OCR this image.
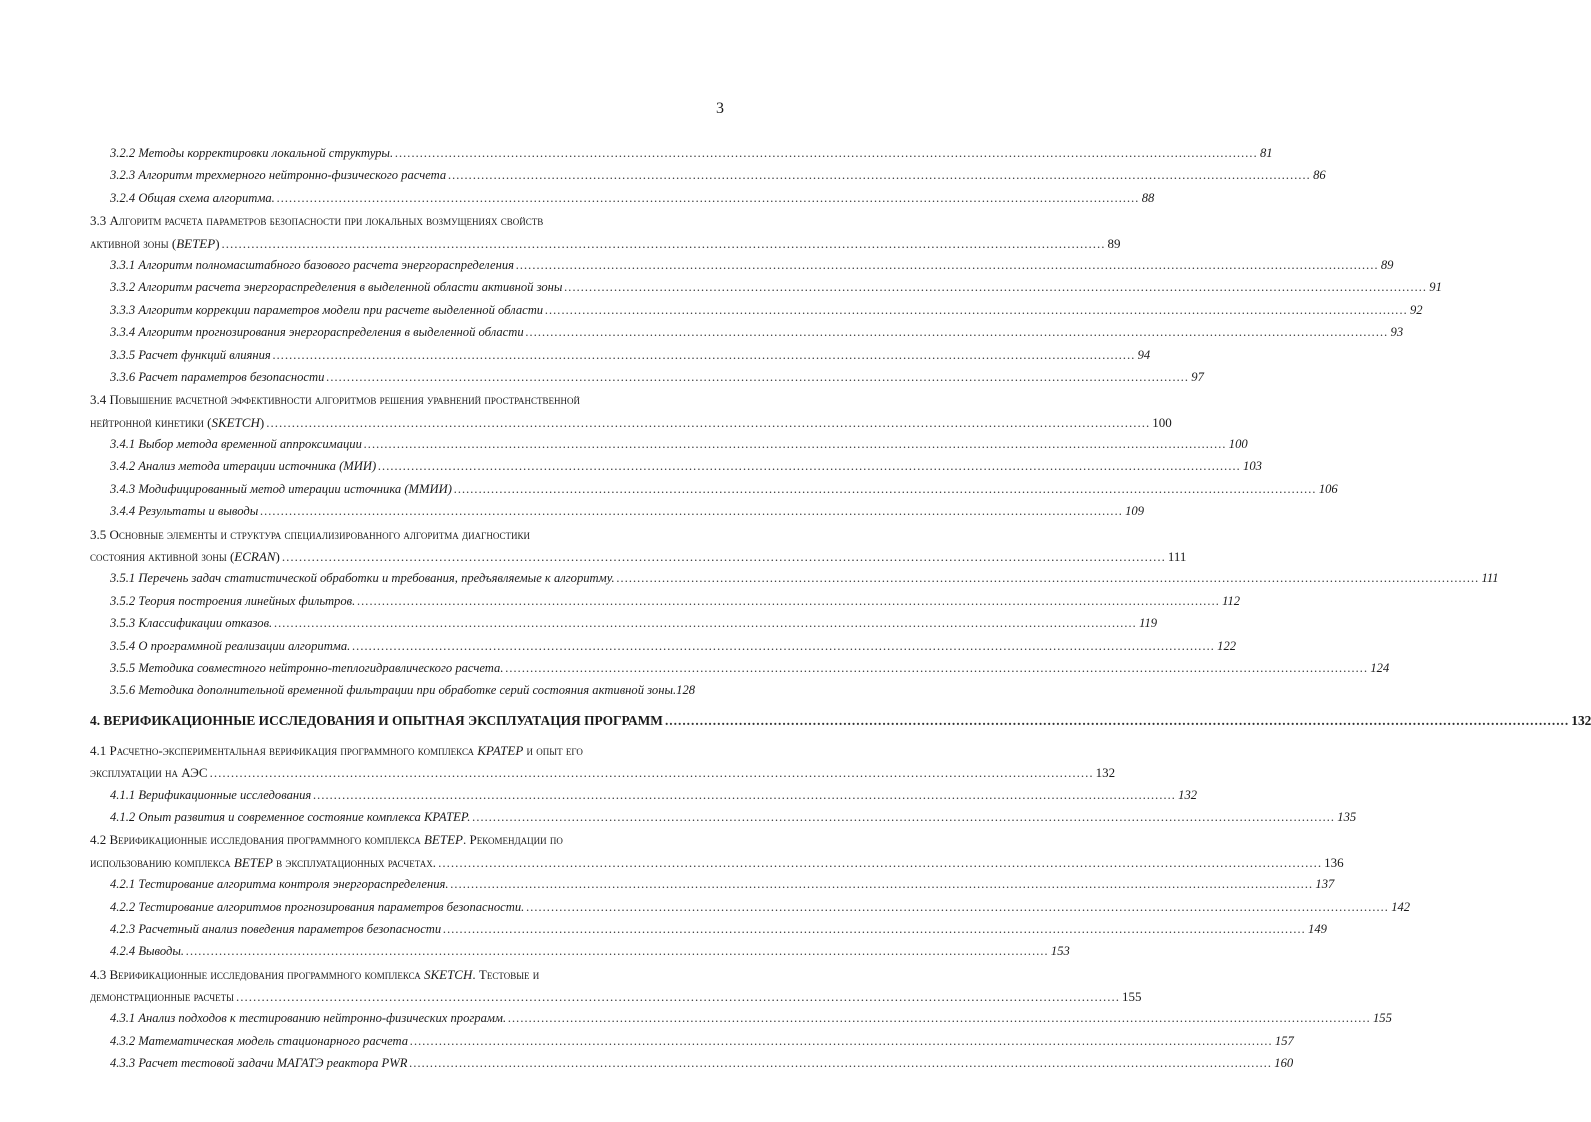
3
3.2.2 Методы корректировки локальной структуры. .....	81
3.2.3 Алгоритм трехмерного нейтронно-физического расчета .....	86
3.2.4 Общая схема алгоритма. .....	88
3.3 Алгоритм расчета параметров безопасности при локальных возмущениях свойств
активной зоны (ВЕТЕР) .....	89
3.3.1 Алгоритм полномасштабного базового расчета энергораспределения .....	89
3.3.2 Алгоритм расчета энергораспределения в выделенной области активной зоны .....	91
3.3.3 Алгоритм коррекции параметров модели при расчете выделенной области .....	92
3.3.4 Алгоритм прогнозирования энергораспределения в выделенной области .....	93
3.3.5 Расчет функций влияния .....	94
3.3.6 Расчет параметров безопасности .....	97
3.4 Повышение расчетной эффективности алгоритмов решения уравнений пространственной
нейтронной кинетики (SKETCH) .....	100
3.4.1 Выбор метода временной аппроксимации .....	100
3.4.2 Анализ метода итерации источника (МИИ) .....	103
3.4.3 Модифицированный метод итерации источника (ММИИ) .....	106
3.4.4 Результаты и выводы .....	109
3.5 Основные элементы и структура специализированного алгоритма диагностики
состояния активной зоны (ECRAN) .....	111
3.5.1 Перечень задач статистической обработки и требования, предъявляемые к алгоритму. .....	111
3.5.2 Теория построения линейных фильтров. .....	112
3.5.3 Классификации отказов. .....	119
3.5.4 О программной реализации алгоритма. .....	122
3.5.5 Методика совместного нейтронно-теплогидравлического расчета. .....	124
3.5.6 Методика дополнительной временной фильтрации при обработке серий состояния активной зоны. 128
4. ВЕРИФИКАЦИОННЫЕ ИССЛЕДОВАНИЯ И ОПЫТНАЯ ЭКСПЛУАТАЦИЯ ПРОГРАММ .....	132
4.1 Расчетно-экспериментальная верификация программного комплекса КРАТЕР и опыт его
эксплуатации на АЭС .....	132
4.1.1 Верификационные исследования .....	132
4.1.2 Опыт развития и современное состояние комплекса КРАТЕР. .....	135
4.2 Верификационные исследования программного комплекса ВЕТЕР. Рекомендации по
использованию комплекса ВЕТЕР в эксплуатационных расчетах. .....	136
4.2.1 Тестирование алгоритма контроля энергораспределения. .....	137
4.2.2 Тестирование алгоритмов прогнозирования параметров безопасности. .....	142
4.2.3 Расчетный анализ поведения параметров безопасности .....	149
4.2.4 Выводы. .....	153
4.3 Верификационные исследования программного комплекса SKETCH. Тестовые и
демонстрационные расчеты .....	155
4.3.1 Анализ подходов к тестированию нейтронно-физических программ. .....	155
4.3.2 Математическая модель стационарного расчета .....	157
4.3.3 Расчет тестовой задачи МАГАТЭ реактора PWR .....	160
